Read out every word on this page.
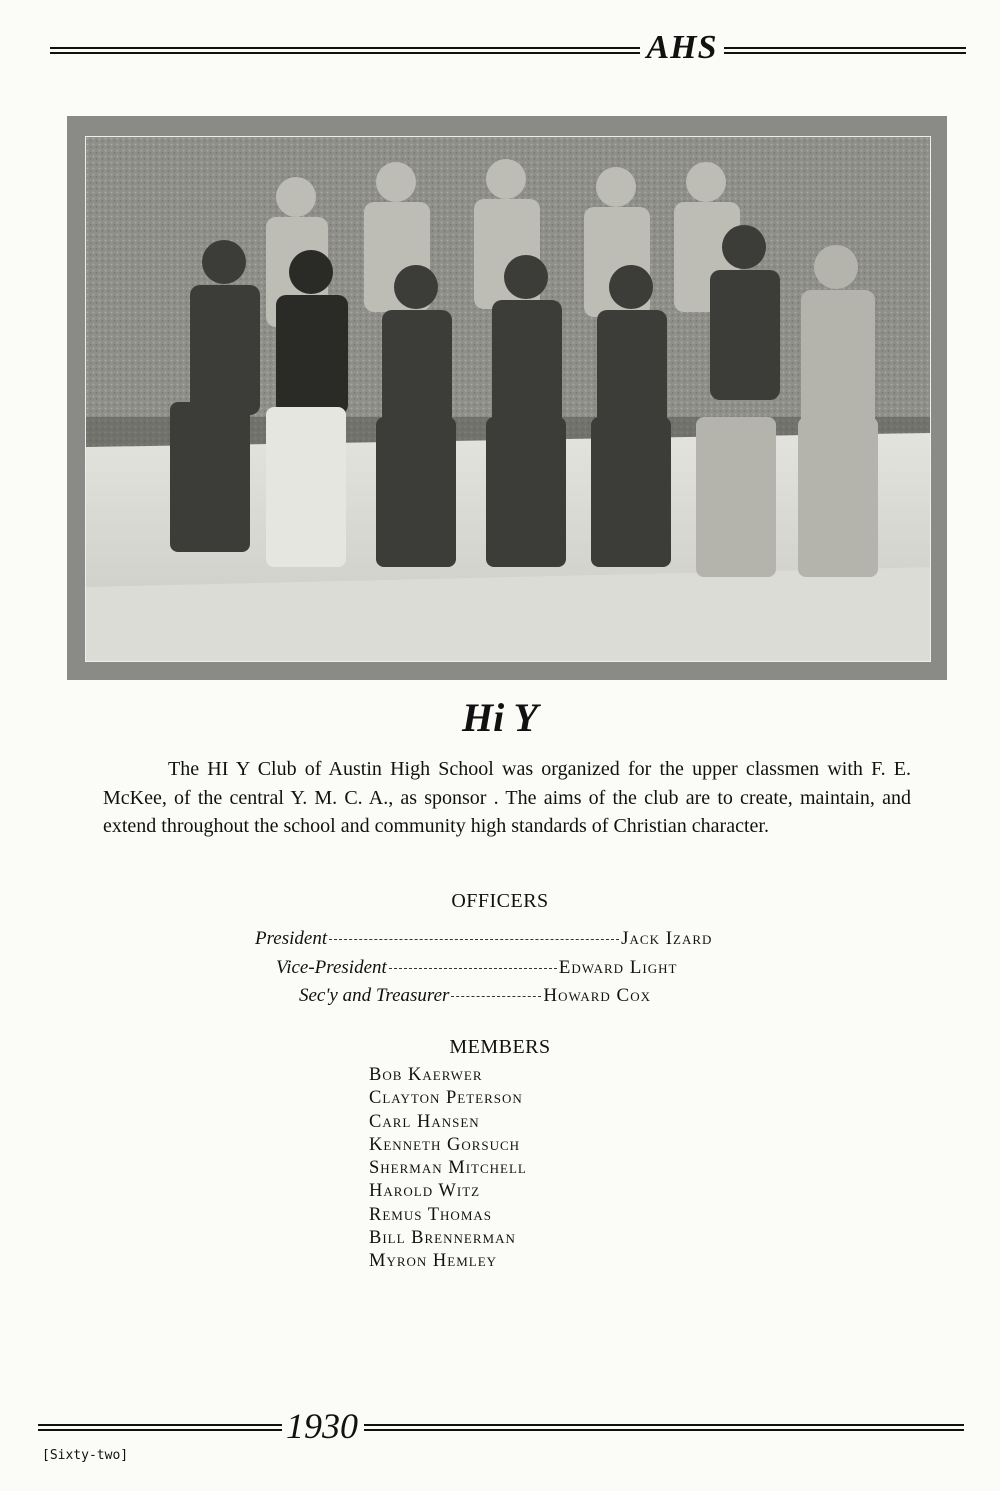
AHS
Hi Y
The HI Y Club of Austin High School was organized for the upper classmen with F. E. McKee, of the central Y. M. C. A., as sponsor . The aims of the club are to create, maintain, and extend throughout the school and community high standards of Christian character.
OFFICERS
President	Jack Izard
Vice-President	Edward Light
Sec'y and Treasurer	Howard Cox
MEMBERS
Bob Kaerwer
Clayton Peterson
Carl Hansen
Kenneth Gorsuch
Sherman Mitchell
Harold Witz
Remus Thomas
Bill Brennerman
Myron Hemley
1930
[Sixty-two]
